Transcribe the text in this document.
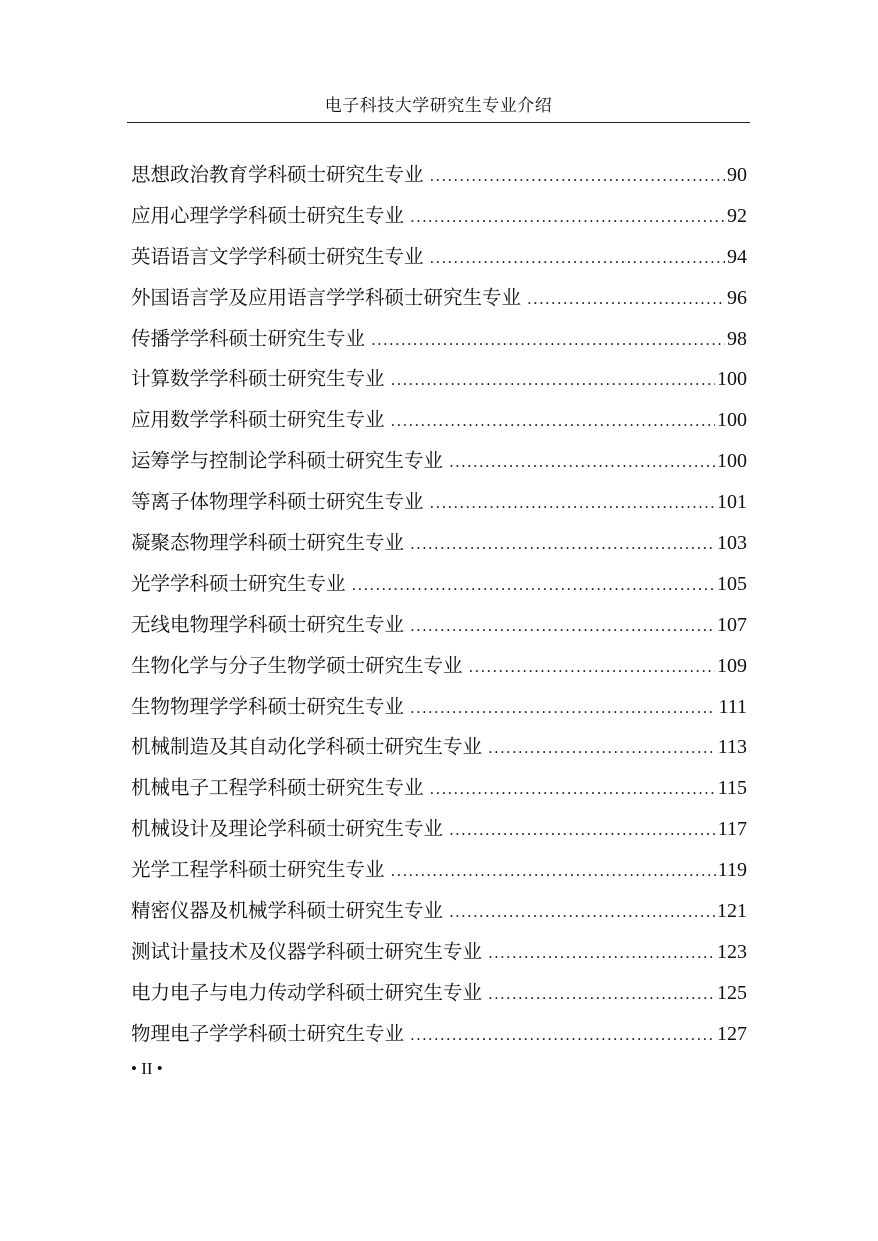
电子科技大学研究生专业介绍
思想政治教育学科硕士研究生专业 .....	90
应用心理学学科硕士研究生专业 .....	92
英语语言文学学科硕士研究生专业 .....	94
外国语言学及应用语言学学科硕士研究生专业 .....	96
传播学学科硕士研究生专业 .....	98
计算数学学科硕士研究生专业 .....	100
应用数学学科硕士研究生专业 .....	100
运筹学与控制论学科硕士研究生专业 .....	100
等离子体物理学科硕士研究生专业 .....	101
凝聚态物理学科硕士研究生专业 .....	103
光学学科硕士研究生专业 .....	105
无线电物理学科硕士研究生专业 .....	107
生物化学与分子生物学硕士研究生专业 .....	109
生物物理学学科硕士研究生专业 .....	111
机械制造及其自动化学科硕士研究生专业 .....	113
机械电子工程学科硕士研究生专业 .....	115
机械设计及理论学科硕士研究生专业 .....	117
光学工程学科硕士研究生专业 .....	119
精密仪器及机械学科硕士研究生专业 .....	121
测试计量技术及仪器学科硕士研究生专业 .....	123
电力电子与电力传动学科硕士研究生专业 .....	125
物理电子学学科硕士研究生专业 .....	127
• II •
